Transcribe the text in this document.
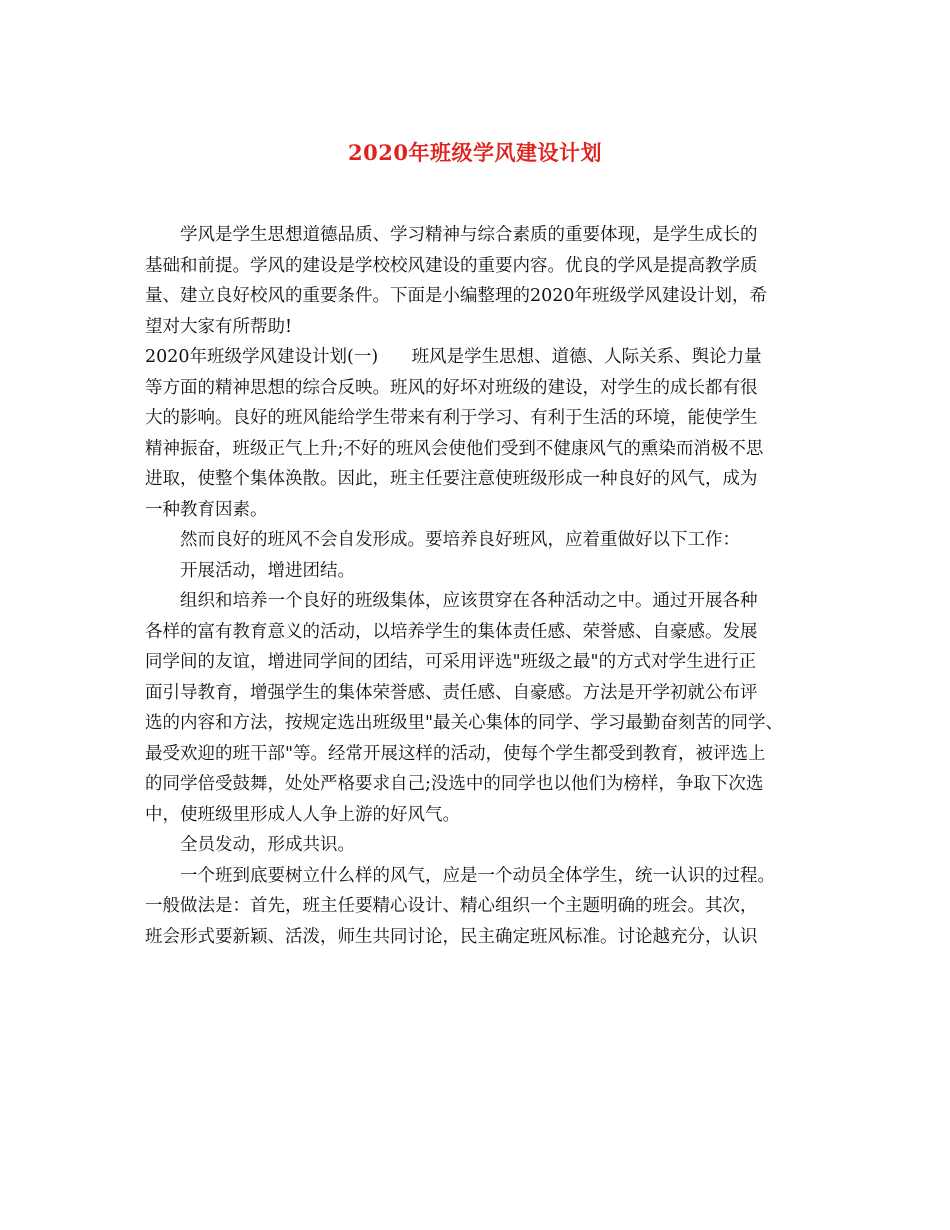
2020年班级学风建设计划
学风是学生思想道德品质、学习精神与综合素质的重要体现，是学生成长的
基础和前提。学风的建设是学校校风建设的重要内容。优良的学风是提高教学质
量、建立良好校风的重要条件。下面是小编整理的2020年班级学风建设计划，希
望对大家有所帮助!
2020年班级学风建设计划(一)      班风是学生思想、道德、人际关系、舆论力量
等方面的精神思想的综合反映。班风的好坏对班级的建设，对学生的成长都有很
大的影响。良好的班风能给学生带来有利于学习、有利于生活的环境，能使学生
精神振奋，班级正气上升;不好的班风会使他们受到不健康风气的熏染而消极不思
进取，使整个集体涣散。因此，班主任要注意使班级形成一种良好的风气，成为
一种教育因素。
然而良好的班风不会自发形成。要培养良好班风，应着重做好以下工作：
开展活动，增进团结。
组织和培养一个良好的班级集体，应该贯穿在各种活动之中。通过开展各种
各样的富有教育意义的活动，以培养学生的集体责任感、荣誉感、自豪感。发展
同学间的友谊，增进同学间的团结，可采用评选"班级之最"的方式对学生进行正
面引导教育，增强学生的集体荣誉感、责任感、自豪感。方法是开学初就公布评
选的内容和方法，按规定选出班级里"最关心集体的同学、学习最勤奋刻苦的同学、
最受欢迎的班干部"等。经常开展这样的活动，使每个学生都受到教育，被评选上
的同学倍受鼓舞，处处严格要求自己;没选中的同学也以他们为榜样，争取下次选
中，使班级里形成人人争上游的好风气。
全员发动，形成共识。
一个班到底要树立什么样的风气，应是一个动员全体学生，统一认识的过程。
一般做法是：首先，班主任要精心设计、精心组织一个主题明确的班会。其次，
班会形式要新颖、活泼，师生共同讨论，民主确定班风标准。讨论越充分，认识
